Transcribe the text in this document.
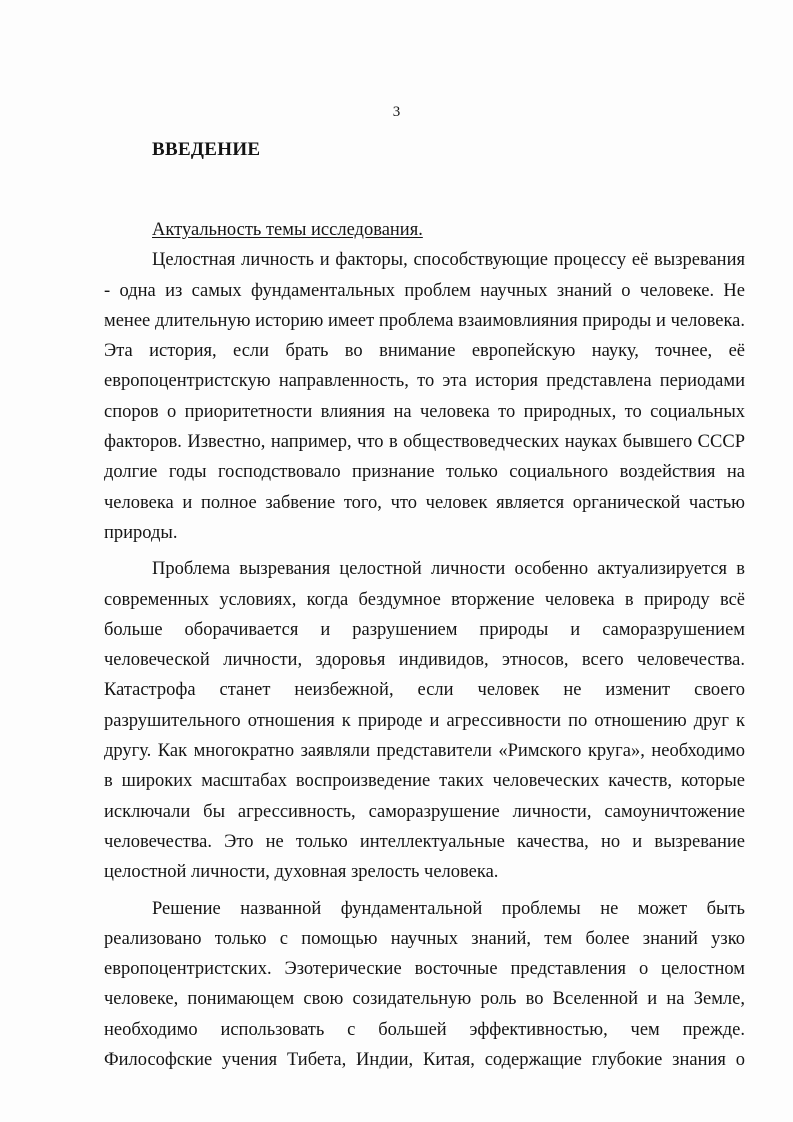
3
ВВЕДЕНИЕ

Актуальность темы исследования.

Целостная личность и факторы, способствующие процессу её вызревания - одна из самых фундаментальных проблем научных знаний о человеке. Не менее длительную историю имеет проблема взаимовлияния природы и человека. Эта история, если брать во внимание европейскую науку, точнее, её европоцентристскую направленность, то эта история представлена периодами споров о приоритетности влияния на человека то природных, то социальных факторов. Известно, например, что в обществоведческих науках бывшего СССР долгие годы господствовало признание только социального воздействия на человека и полное забвение того, что человек является органической частью природы.

Проблема вызревания целостной личности особенно актуализируется в современных условиях, когда бездумное вторжение человека в природу всё больше оборачивается и разрушением природы и саморазрушением человеческой личности, здоровья индивидов, этносов, всего человечества. Катастрофа станет неизбежной, если человек не изменит своего разрушительного отношения к природе и агрессивности по отношению друг к другу. Как многократно заявляли представители «Римского круга», необходимо в широких масштабах воспроизведение таких человеческих качеств, которые исключали бы агрессивность, саморазрушение личности, самоуничтожение человечества. Это не только интеллектуальные качества, но и вызревание целостной личности, духовная зрелость человека.

Решение названной фундаментальной проблемы не может быть реализовано только с помощью научных знаний, тем более знаний узко европоцентристских. Эзотерические восточные представления о целостном человеке, понимающем свою созидательную роль во Вселенной и на Земле, необходимо использовать с большей эффективностью, чем прежде. Философские учения Тибета, Индии, Китая, содержащие глубокие знания о
